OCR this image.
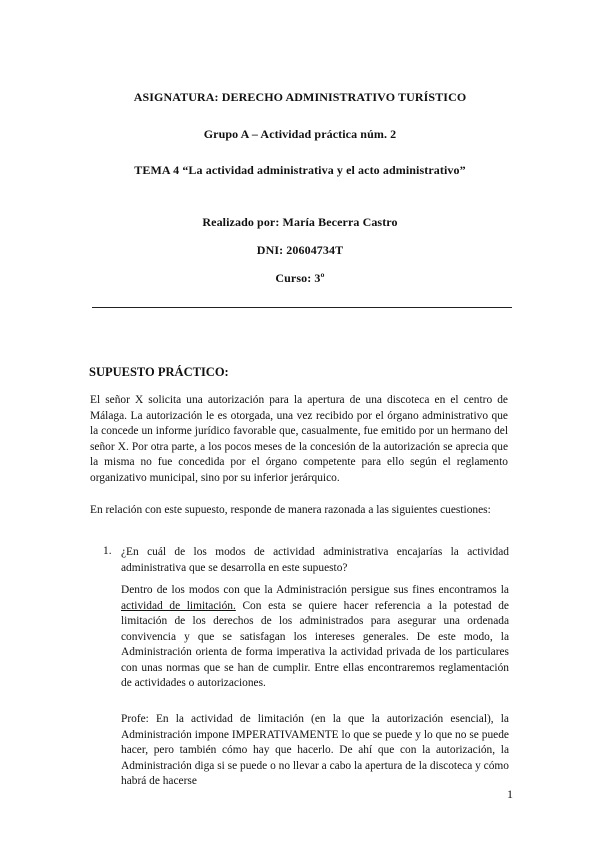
ASIGNATURA: DERECHO ADMINISTRATIVO TURÍSTICO
Grupo A – Actividad práctica núm. 2
TEMA 4 “La actividad administrativa y el acto administrativo”
Realizado por: María Becerra Castro
DNI: 20604734T
Curso: 3º
SUPUESTO PRÁCTICO:
El señor X solicita una autorización para la apertura de una discoteca en el centro de Málaga. La autorización le es otorgada, una vez recibido por el órgano administrativo que la concede un informe jurídico favorable que, casualmente, fue emitido por un hermano del señor X. Por otra parte, a los pocos meses de la concesión de la autorización se aprecia que la misma no fue concedida por el órgano competente para ello según el reglamento organizativo municipal, sino por su inferior jerárquico.
En relación con este supuesto, responde de manera razonada a las siguientes cuestiones:
1. ¿En cuál de los modos de actividad administrativa encajarías la actividad administrativa que se desarrolla en este supuesto?
Dentro de los modos con que la Administración persigue sus fines encontramos la actividad de limitación. Con esta se quiere hacer referencia a la potestad de limitación de los derechos de los administrados para asegurar una ordenada convivencia y que se satisfagan los intereses generales. De este modo, la Administración orienta de forma imperativa la actividad privada de los particulares con unas normas que se han de cumplir. Entre ellas encontraremos reglamentación de actividades o autorizaciones.
Profe: En la actividad de limitación (en la que la autorización esencial), la Administración impone IMPERATIVAMENTE lo que se puede y lo que no se puede hacer, pero también cómo hay que hacerlo. De ahí que con la autorización, la Administración diga si se puede o no llevar a cabo la apertura de la discoteca y cómo habrá de hacerse
1
